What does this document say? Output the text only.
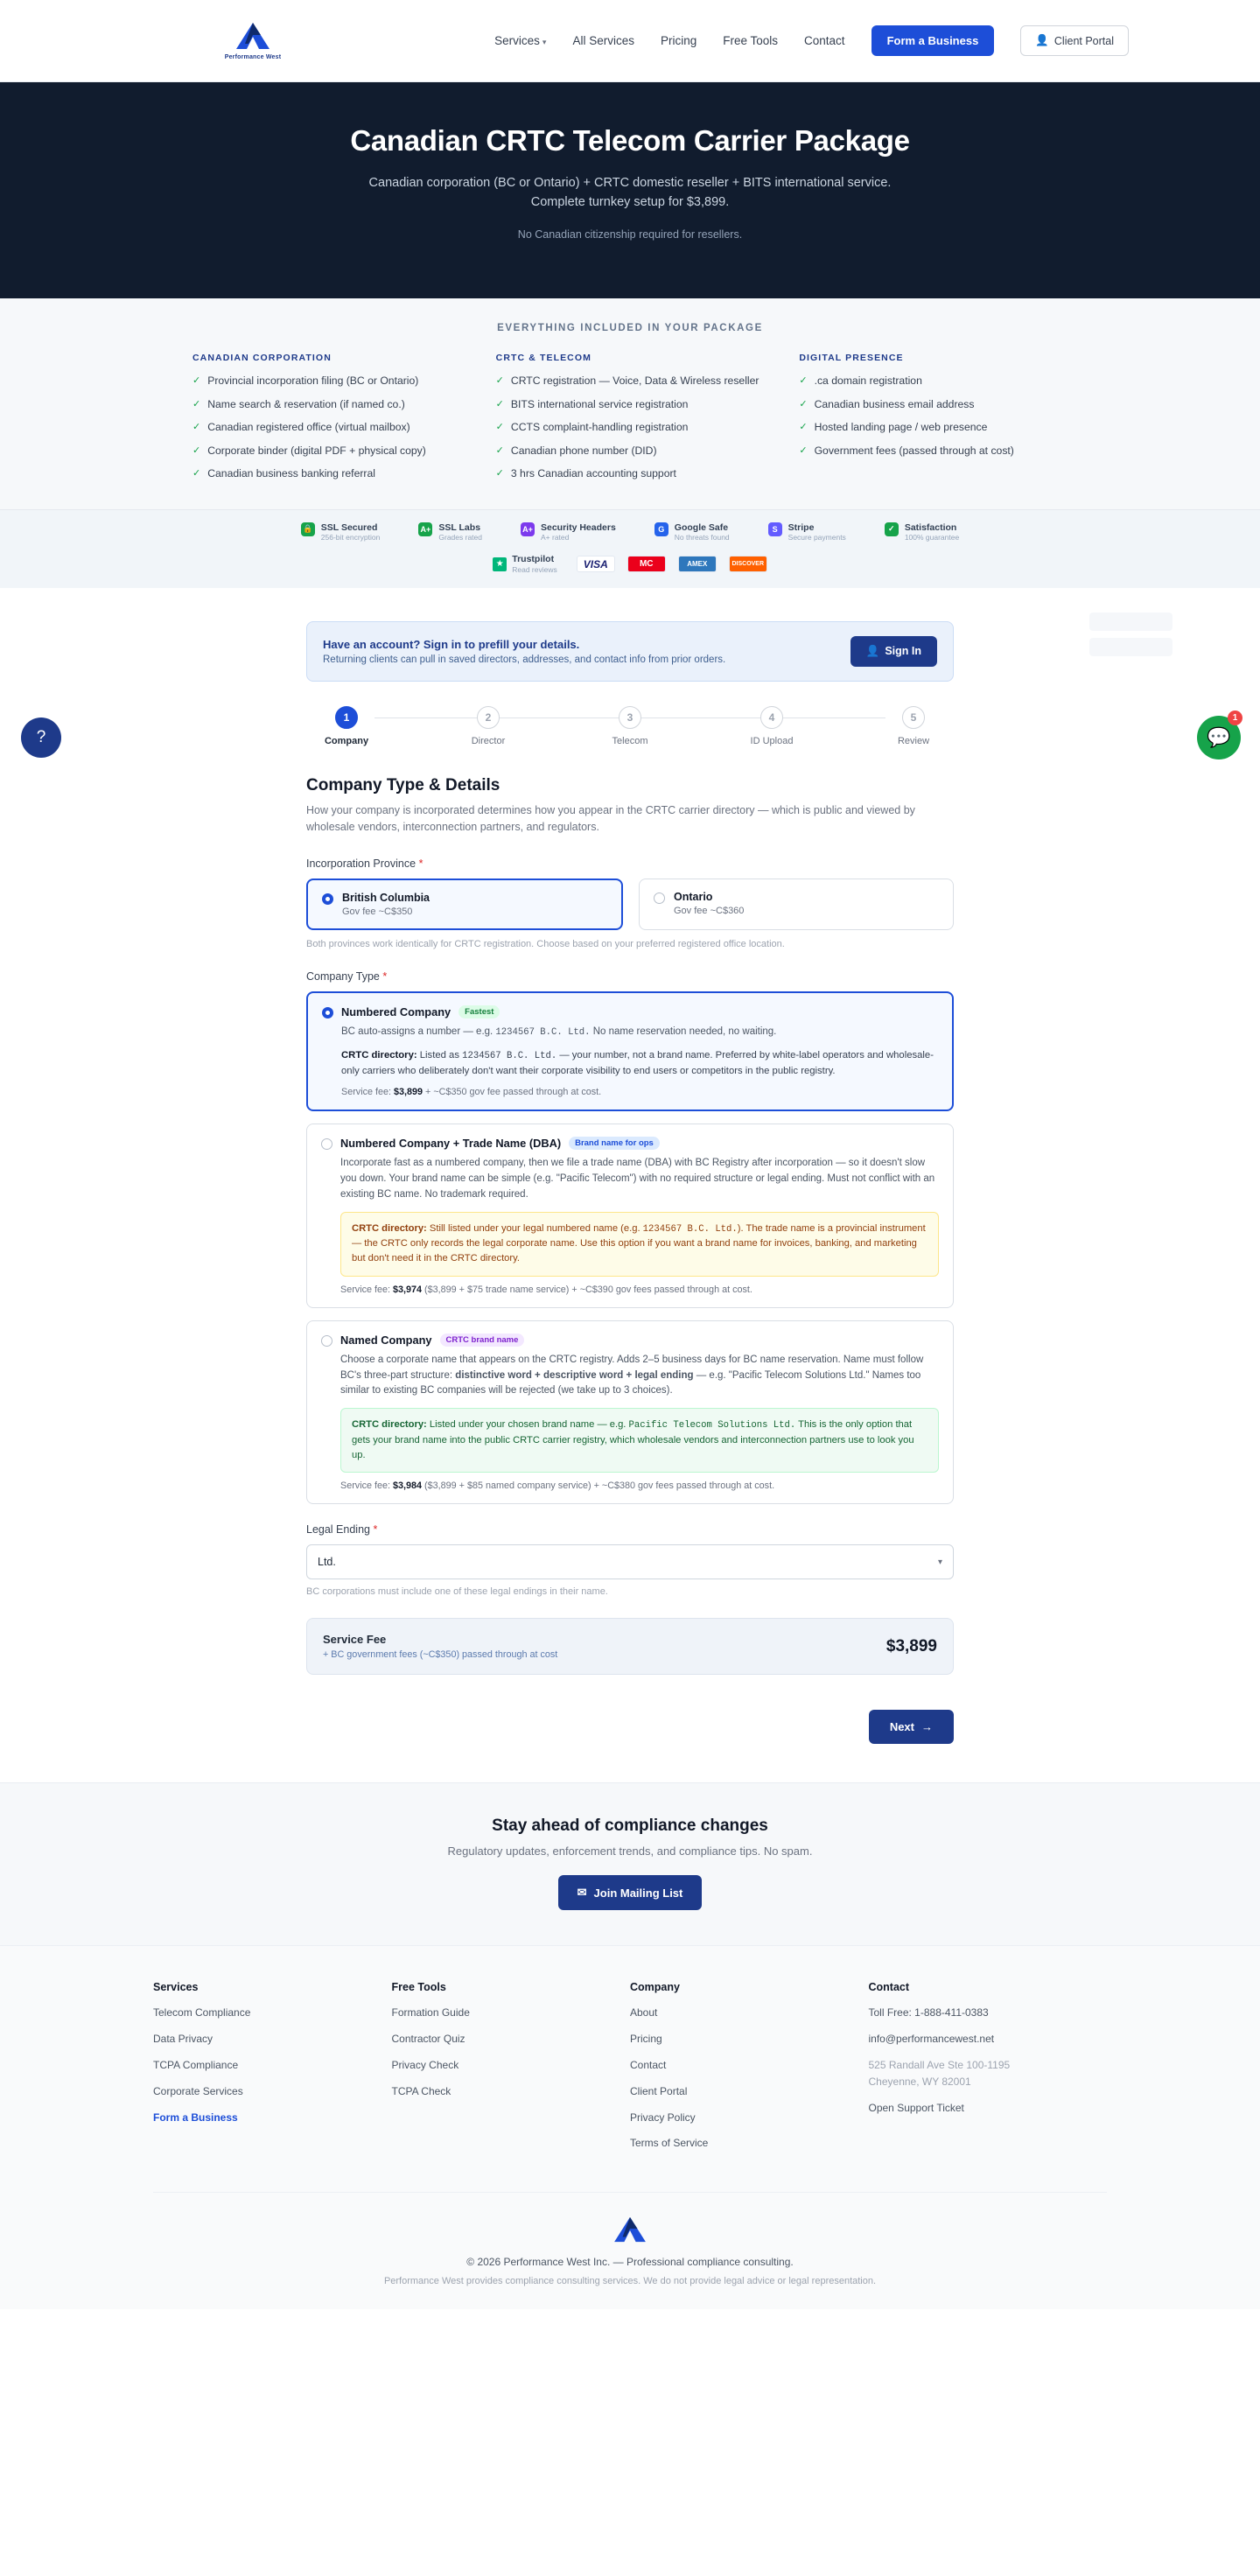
Performance West
Services ▾ All Services Pricing Free Tools Contact	Form a Business	👤 Client Portal
Canadian CRTC Telecom Carrier Package

Canadian corporation (BC or Ontario) + CRTC domestic reseller + BITS international service. Complete turnkey setup for $3,899.

No Canadian citizenship required for resellers.

EVERYTHING INCLUDED IN YOUR PACKAGE
CANADIAN CORPORATION
✓ Provincial incorporation filing (BC or Ontario)
✓ Name search & reservation (if named co.)
✓ Canadian registered office (virtual mailbox)
✓ Corporate binder (digital PDF + physical copy)
✓ Canadian business banking referral
CRTC & TELECOM
✓ CRTC registration — Voice, Data & Wireless reseller
✓ BITS international service registration
✓ CCTS complaint-handling registration
✓ Canadian phone number (DID)
✓ 3 hrs Canadian accounting support
DIGITAL PRESENCE
✓ .ca domain registration
✓ Canadian business email address
✓ Hosted landing page / web presence
✓ Government fees (passed through at cost)
🔒 SSL Secured
256-bit encryption
A+ SSL Labs
Grades rated
A+ Security Headers
A+ rated
G	Google Safe
No threats found
S	Stripe
Secure payments
✓	Satisfaction
100% guarantee
★ Trustpilot
Read reviews	VISA	MC	AMEX	DISCOVER
?	💬
1
Have an account? Sign in to prefill your details.
Returning clients can pull in saved directors, addresses, and contact info from prior orders.
👤 Sign In
1
Company
2
Director
3
Telecom
4
ID Upload
5
Review
Company Type & Details

How your company is incorporated determines how you appear in the CRTC carrier directory — which is public and viewed by wholesale vendors, interconnection partners, and regulators.

Incorporation Province *
British Columbia
Gov fee ~C$350
Ontario
Gov fee ~C$360
Both provinces work identically for CRTC registration. Choose based on your preferred registered office location.
Company Type *
Numbered Company	Fastest
BC auto-assigns a number — e.g. 1234567 B.C. Ltd. No name reservation needed, no waiting.
CRTC directory: Listed as 1234567 B.C. Ltd. — your number, not a brand name. Preferred by white-label operators and wholesale-only carriers who deliberately don't want their corporate visibility to end users or competitors in the public registry.
Service fee: $3,899 + ~C$350 gov fee passed through at cost.
Numbered Company + Trade Name (DBA)	Brand name for ops
Incorporate fast as a numbered company, then we file a trade name (DBA) with BC Registry after incorporation — so it doesn't slow you down. Your brand name can be simple (e.g. "Pacific Telecom") with no required structure or legal ending. Must not conflict with an existing BC name. No trademark required.
CRTC directory: Still listed under your legal numbered name (e.g. 1234567 B.C. Ltd.). The trade name is a provincial instrument — the CRTC only records the legal corporate name. Use this option if you want a brand name for invoices, banking, and marketing but don't need it in the CRTC directory.
Service fee: $3,974 ($3,899 + $75 trade name service) + ~C$390 gov fees passed through at cost.
Named Company	CRTC brand name
Choose a corporate name that appears on the CRTC registry. Adds 2–5 business days for BC name reservation. Name must follow BC's three-part structure: distinctive word + descriptive word + legal ending — e.g. "Pacific Telecom Solutions Ltd." Names too similar to existing BC companies will be rejected (we take up to 3 choices).
CRTC directory: Listed under your chosen brand name — e.g. Pacific Telecom Solutions Ltd. This is the only option that gets your brand name into the public CRTC carrier registry, which wholesale vendors and interconnection partners use to look you up.
Service fee: $3,984 ($3,899 + $85 named company service) + ~C$380 gov fees passed through at cost.
Legal Ending *
Ltd.
▾
BC corporations must include one of these legal endings in their name.
Service Fee
+ BC government fees (~C$350) passed through at cost	$3,899
Next →
Stay ahead of compliance changes

Regulatory updates, enforcement trends, and compliance tips. No spam.

✉ Join Mailing List
Services
Telecom Compliance
Data Privacy
TCPA Compliance
Corporate Services
Form a Business
Free Tools
Formation Guide
Contractor Quiz
Privacy Check
TCPA Check
Company
About
Pricing
Contact
Client Portal
Privacy Policy
Terms of Service
Contact
Toll Free: 1-888-411-0383
info@performancewest.net
525 Randall Ave Ste 100-1195
Cheyenne, WY 82001
Open Support Ticket
© 2026 Performance West Inc. — Professional compliance consulting.
Performance West provides compliance consulting services. We do not provide legal advice or legal representation.
